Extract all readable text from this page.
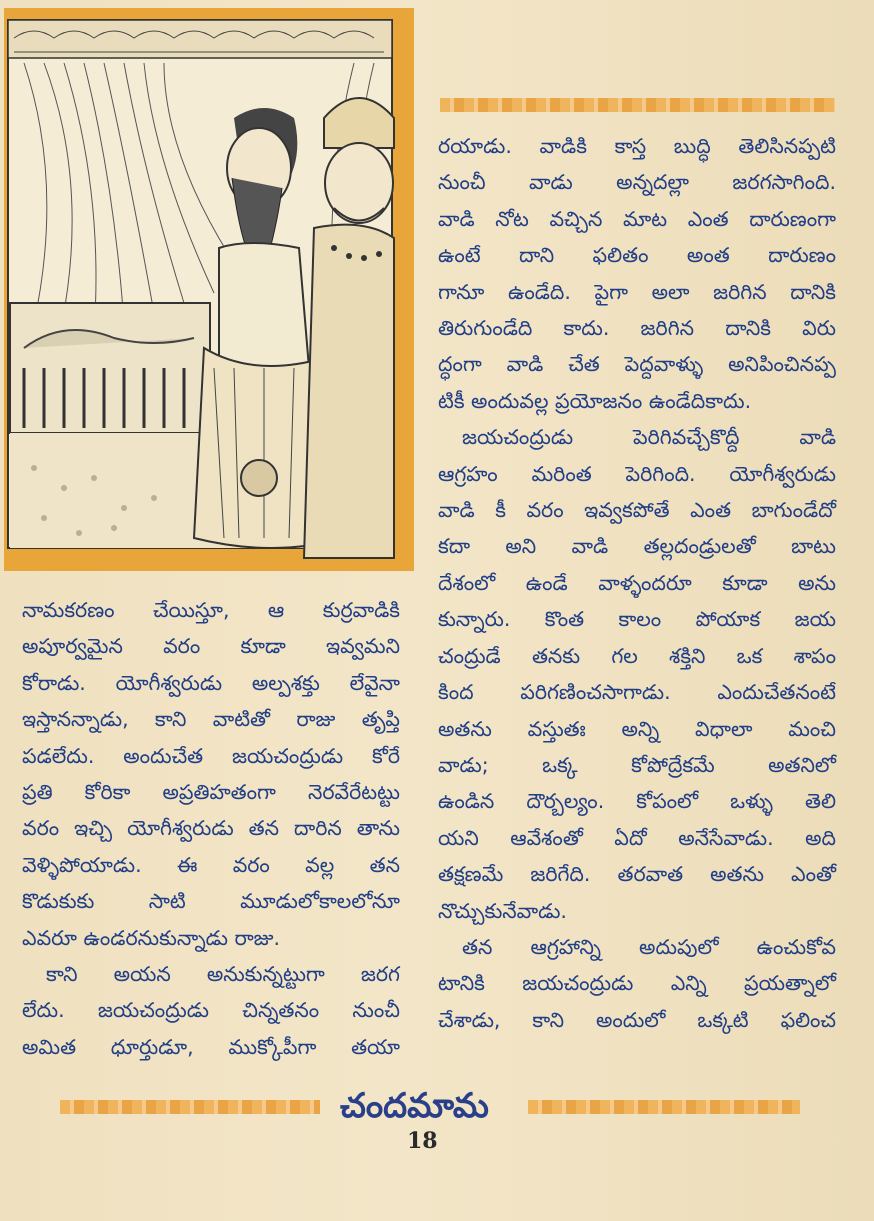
నామకరణం చేయిస్తూ, ఆ కుర్రవాడికి
అపూర్వమైన వరం కూడా ఇవ్వమని
కోరాడు. యోగీశ్వరుడు అల్పశక్తు లేవైనా
ఇస్తానన్నాడు, కాని వాటితో రాజు తృప్తి
పడలేదు. అందుచేత జయచంద్రుడు కోరే
ప్రతి కోరికా అప్రతిహతంగా నెరవేరేటట్టు
వరం ఇచ్చి యోగీశ్వరుడు తన దారిన తాను
వెళ్ళిపోయాడు. ఈ వరం వల్ల తన
కొడుకుకు సాటి మూడులోకాలలోనూ
ఎవరూ ఉండరనుకున్నాడు రాజు.
కాని అయన అనుకున్నట్టుగా జరగ
లేదు. జయచంద్రుడు చిన్నతనం నుంచీ
అమిత ధూర్తుడూ, ముక్కోపీగా తయా
రయాడు. వాడికి కాస్త బుద్ధి తెలిసినప్పటి
నుంచీ వాడు అన్నదల్లా జరగసాగింది.
వాడి నోట వచ్చిన మాట ఎంత దారుణంగా
ఉంటే దాని ఫలితం అంత దారుణం
గానూ ఉండేది. పైగా అలా జరిగిన దానికి
తిరుగుండేది కాదు. జరిగిన దానికి విరు
ద్ధంగా వాడి చేత పెద్దవాళ్ళు అనిపించినప్ప
టికీ అందువల్ల ప్రయోజనం ఉండేదికాదు.
జయచంద్రుడు పెరిగివచ్చేకొద్దీ వాడి
ఆగ్రహం మరింత పెరిగింది. యోగీశ్వరుడు
వాడి కీ వరం ఇవ్వకపోతే ఎంత బాగుండేదో
కదా అని వాడి తల్లదండ్రులతో బాటు
దేశంలో ఉండే వాళ్ళందరూ కూడా అను
కున్నారు. కొంత కాలం పోయాక జయ
చంద్రుడే తనకు గల శక్తిని ఒక శాపం
కింద పరిగణించసాగాడు. ఎందుచేతనంటే
అతను వస్తుతః అన్ని విధాలా మంచి
వాడు; ఒక్క కోపోద్రేకమే అతనిలో
ఉండిన దౌర్బల్యం. కోపంలో ఒళ్ళు తెలి
యని ఆవేశంతో ఏదో అనేసేవాడు. అది
తక్షణమే జరిగేది. తరవాత అతను ఎంతో
నొచ్చుకునేవాడు.
తన ఆగ్రహాన్ని అదుపులో ఉంచుకోవ
టానికి జయచంద్రుడు ఎన్ని ప్రయత్నాలో
చేశాడు, కాని అందులో ఒక్కటి ఫలించ
చందమామ
18
